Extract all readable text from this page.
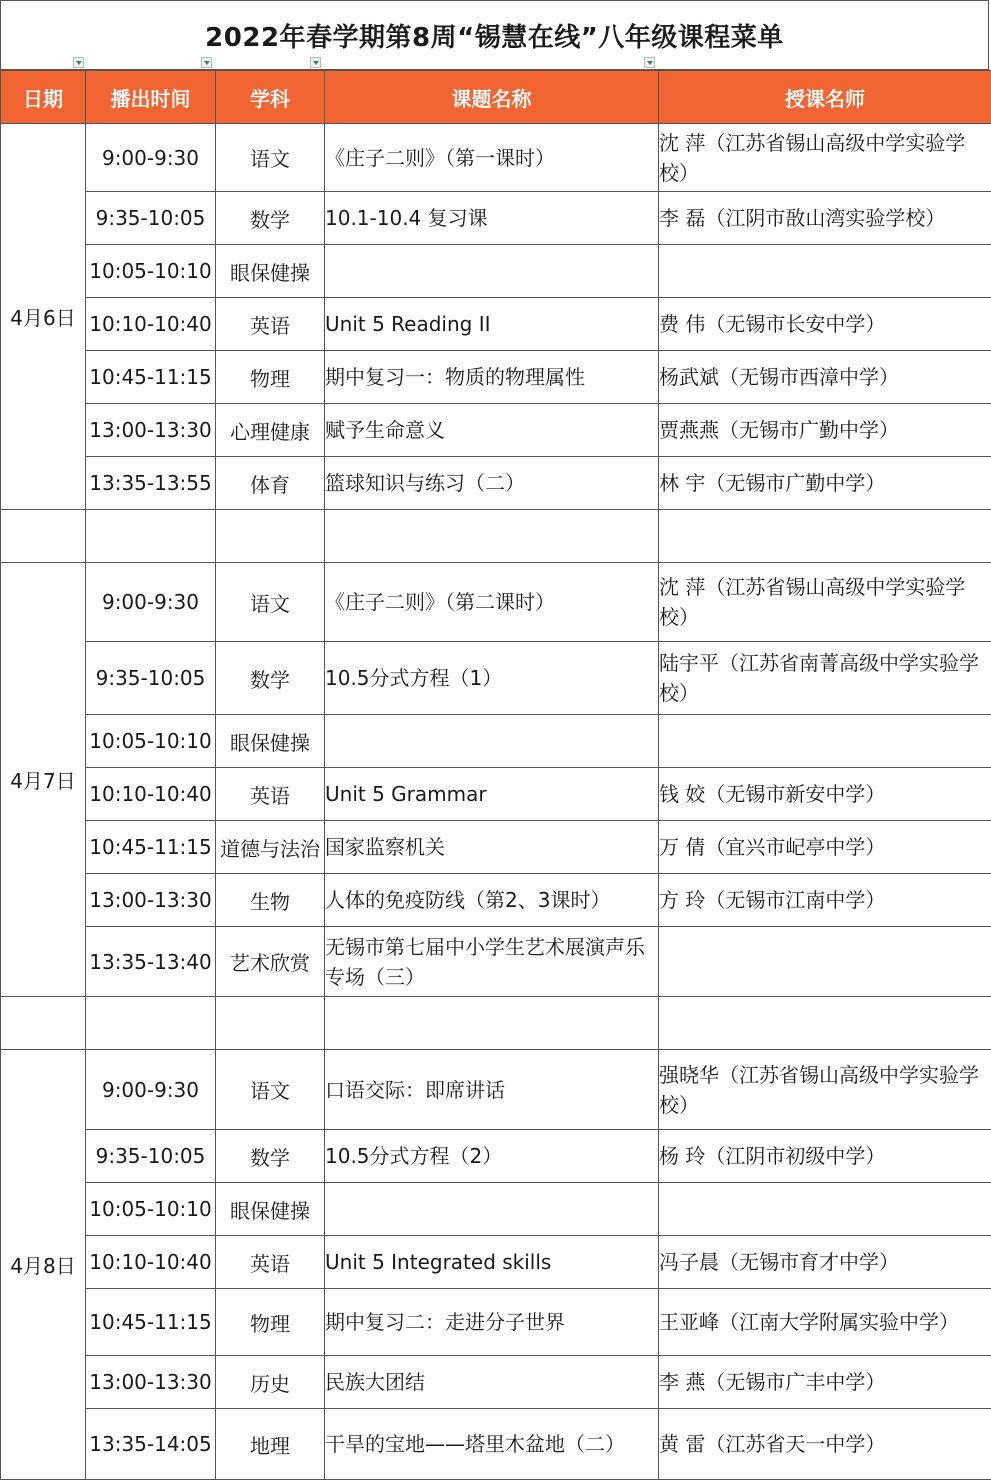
2022年春学期第8周“锡慧在线”八年级课程菜单
日期	播出时间	学科	课题名称	授课名师
4月6日	9:00-9:30	语文	《庄子二则》（第一课时）	沈 萍（江苏省锡山高级中学实验学校）
	9:35-10:05	数学	10.1-10.4 复习课	李 磊（江阴市敔山湾实验学校）
	10:05-10:10	眼保健操		
	10:10-10:40	英语	Unit 5 Reading II	费 伟（无锡市长安中学）
	10:45-11:15	物理	期中复习一：物质的物理属性	杨武斌（无锡市西漳中学）
	13:00-13:30	心理健康	赋予生命意义	贾燕燕（无锡市广勤中学）
	13:35-13:55	体育	篮球知识与练习（二）	林 宇（无锡市广勤中学）

4月7日	9:00-9:30	语文	《庄子二则》（第二课时）	沈 萍（江苏省锡山高级中学实验学校）
	9:35-10:05	数学	10.5分式方程（1）	陆宇平（江苏省南菁高级中学实验学校）
	10:05-10:10	眼保健操		
	10:10-10:40	英语	Unit 5 Grammar	钱 姣（无锡市新安中学）
	10:45-11:15	道德与法治	国家监察机关	万 倩（宜兴市屺亭中学）
	13:00-13:30	生物	人体的免疫防线（第2、3课时）	方 玲（无锡市江南中学）
	13:35-13:40	艺术欣赏	无锡市第七届中小学生艺术展演声乐专场（三）	

4月8日	9:00-9:30	语文	口语交际：即席讲话	强晓华（江苏省锡山高级中学实验学校）
	9:35-10:05	数学	10.5分式方程（2）	杨 玲（江阴市初级中学）
	10:05-10:10	眼保健操		
	10:10-10:40	英语	Unit 5 Integrated skills	冯子晨（无锡市育才中学）
	10:45-11:15	物理	期中复习二：走进分子世界	王亚峰（江南大学附属实验中学）
	13:00-13:30	历史	民族大团结	李 燕（无锡市广丰中学）
	13:35-14:05	地理	干旱的宝地——塔里木盆地（二）	黄 雷（江苏省天一中学）
